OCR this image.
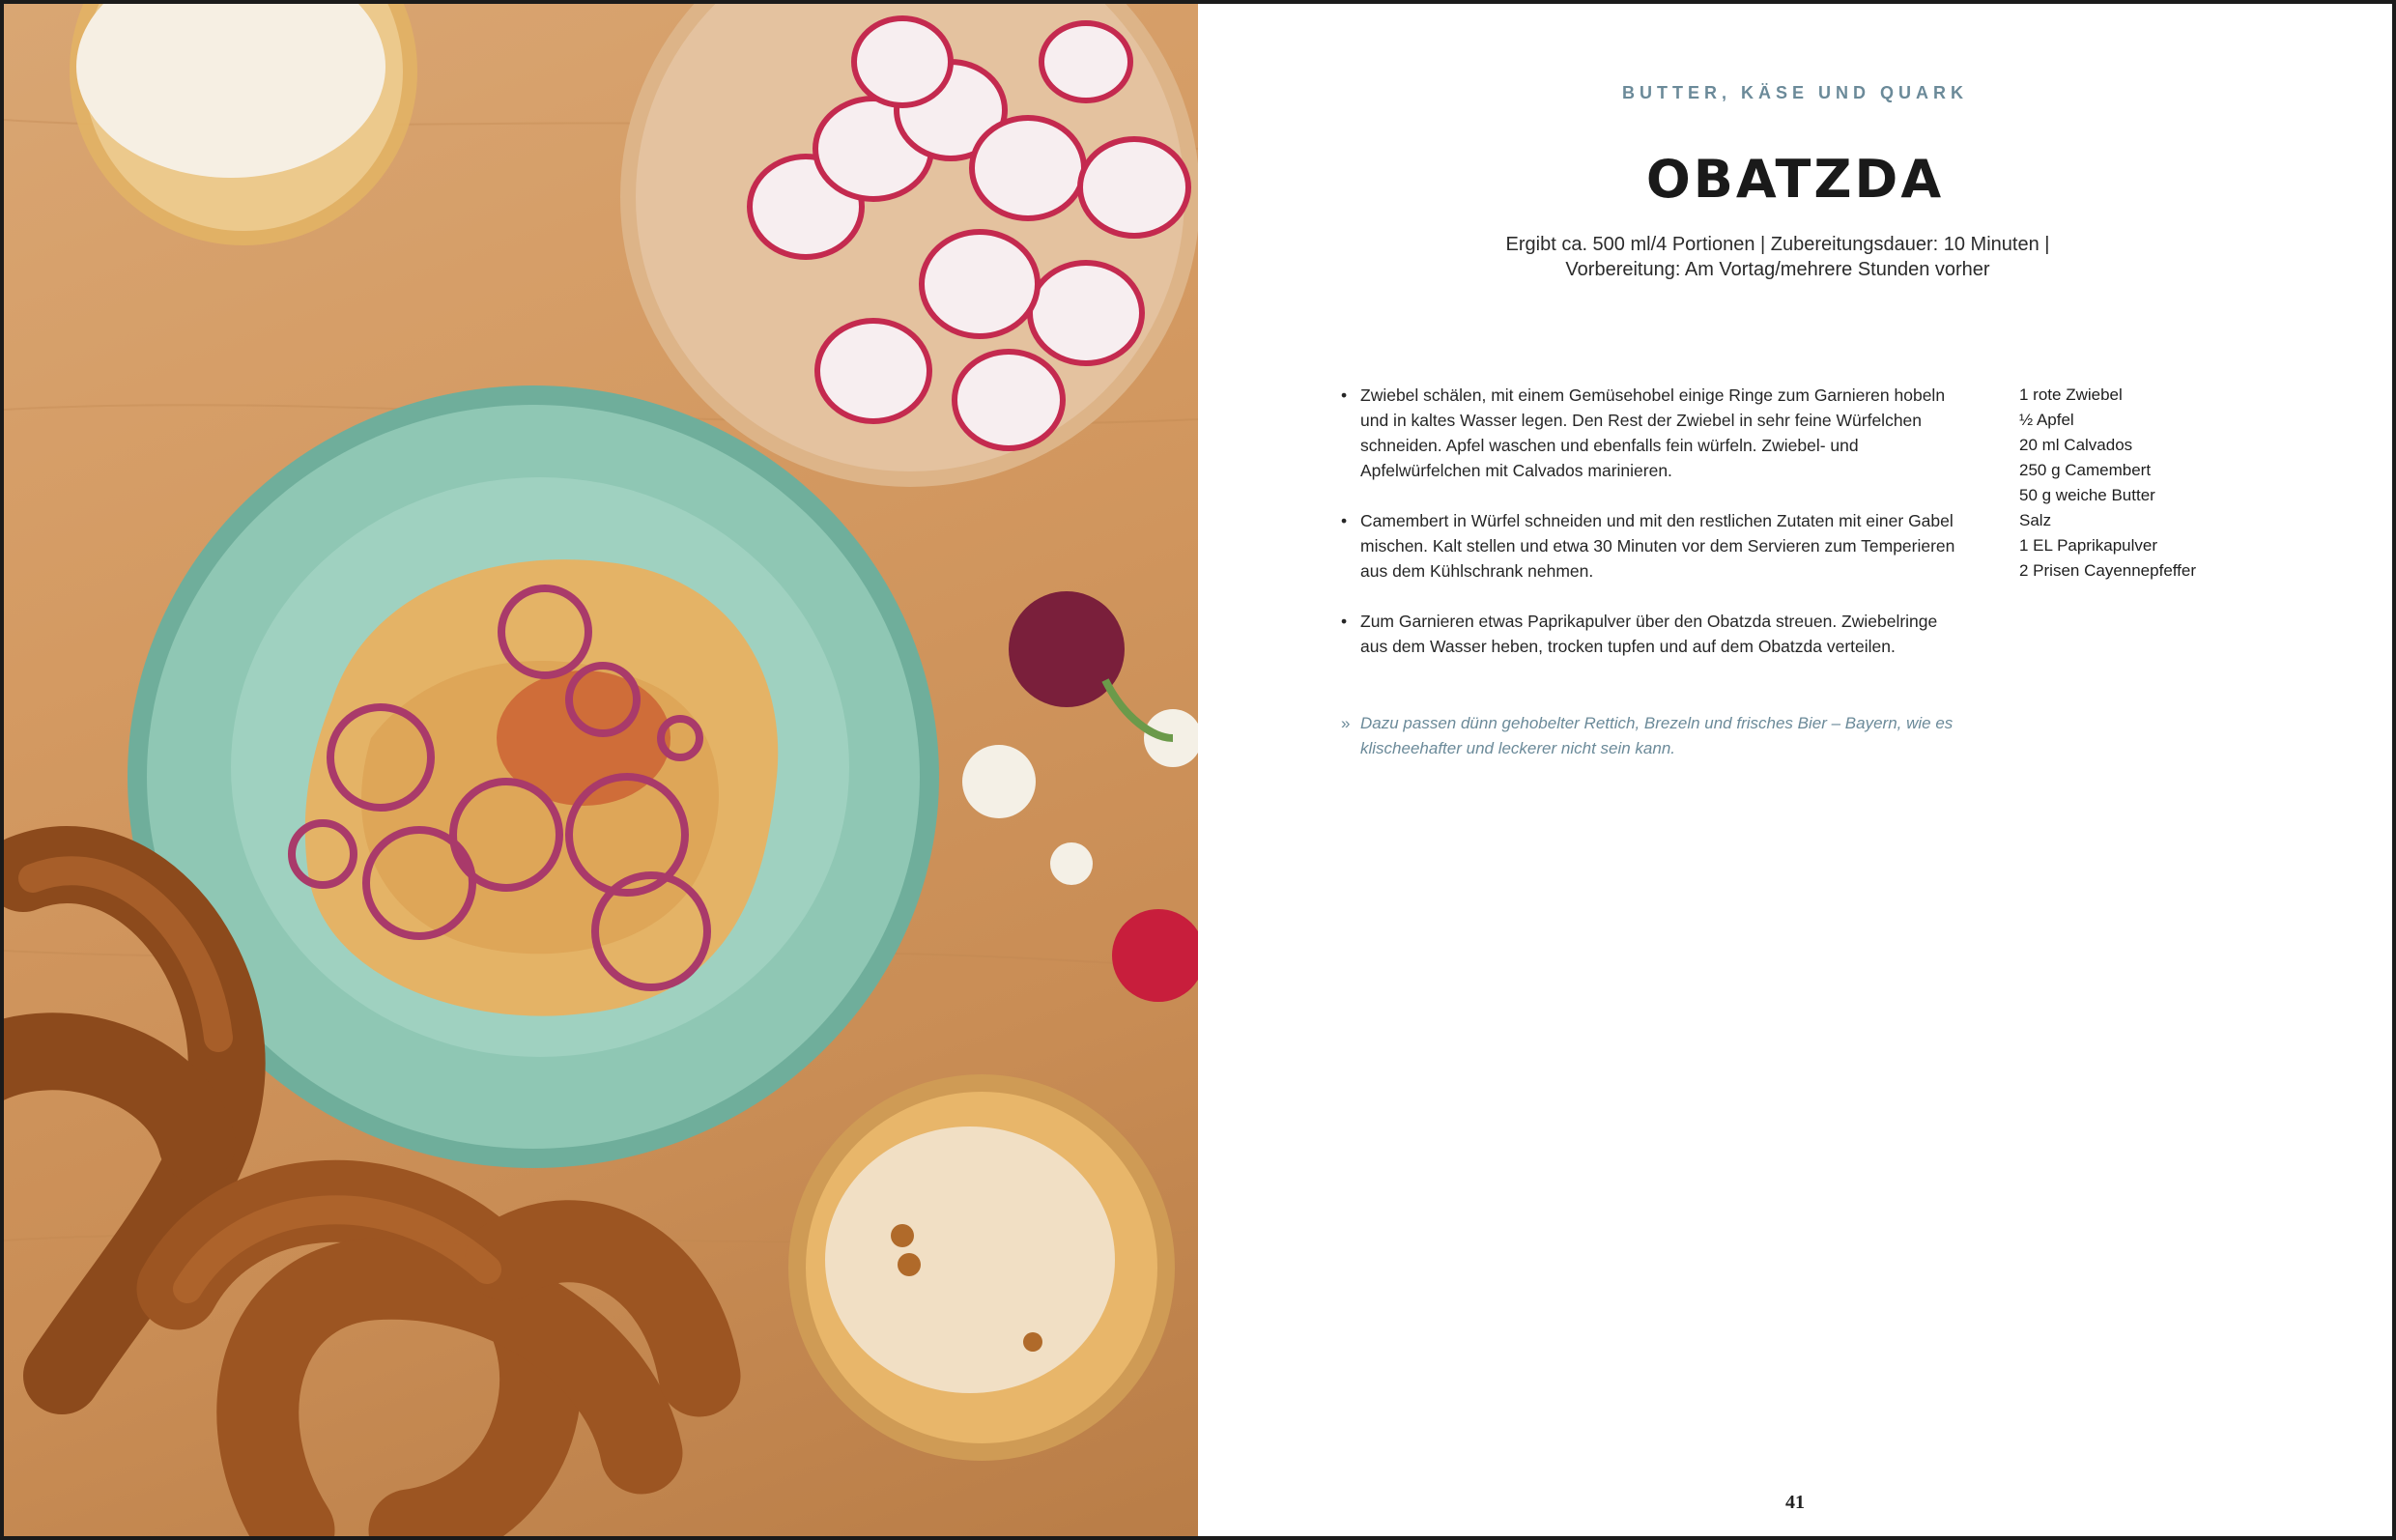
BUTTER, KÄSE UND QUARK
OBATZDA
Ergibt ca. 500 ml/4 Portionen | Zubereitungsdauer: 10 Minuten |
Vorbereitung: Am Vortag/mehrere Stunden vorher
• Zwiebel schälen, mit einem Gemüsehobel einige Ringe zum Garnieren hobeln und in kaltes Wasser legen. Den Rest der Zwiebel in sehr feine Würfelchen schneiden. Apfel waschen und ebenfalls fein würfeln. Zwiebel- und Apfelwürfelchen mit Calvados marinieren.
• Camembert in Würfel schneiden und mit den restlichen Zutaten mit einer Gabel mischen. Kalt stellen und etwa 30 Minuten vor dem Servieren zum Temperieren aus dem Kühlschrank nehmen.
• Zum Garnieren etwas Paprikapulver über den Obatzda streuen. Zwiebelringe aus dem Wasser heben, trocken tupfen und auf dem Obatzda verteilen.
» Dazu passen dünn gehobelter Rettich, Brezeln und frisches Bier – Bayern, wie es klischeehafter und leckerer nicht sein kann.
1 rote Zwiebel
½ Apfel
20 ml Calvados
250 g Camembert
50 g weiche Butter
Salz
1 EL Paprikapulver
2 Prisen Cayennepfeffer
41
